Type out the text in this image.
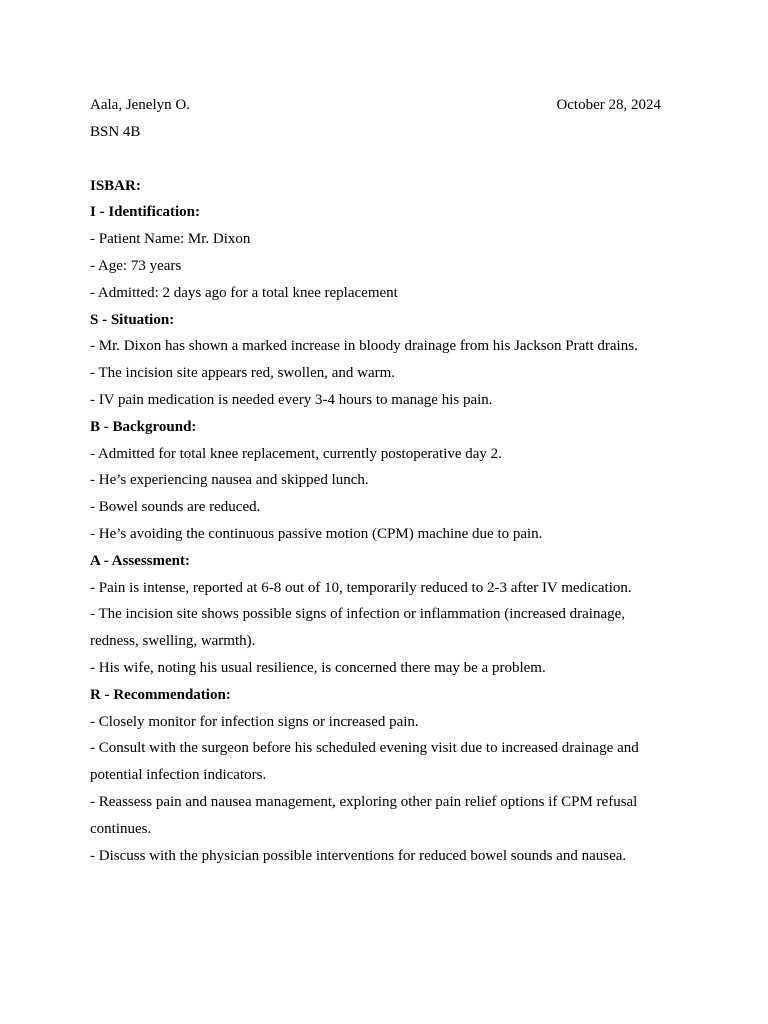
Aala, Jenelyn O.	October 28, 2024

BSN 4B

ISBAR:

I - Identification:

- Patient Name: Mr. Dixon

- Age: 73 years

- Admitted: 2 days ago for a total knee replacement

S - Situation:

- Mr. Dixon has shown a marked increase in bloody drainage from his Jackson Pratt drains.

- The incision site appears red, swollen, and warm.

- IV pain medication is needed every 3-4 hours to manage his pain.

B - Background:

- Admitted for total knee replacement, currently postoperative day 2.

- He’s experiencing nausea and skipped lunch.

- Bowel sounds are reduced.

- He’s avoiding the continuous passive motion (CPM) machine due to pain.

A - Assessment:

- Pain is intense, reported at 6-8 out of 10, temporarily reduced to 2-3 after IV medication.

- The incision site shows possible signs of infection or inflammation (increased drainage, redness, swelling, warmth).

- His wife, noting his usual resilience, is concerned there may be a problem.

R - Recommendation:

- Closely monitor for infection signs or increased pain.

- Consult with the surgeon before his scheduled evening visit due to increased drainage and potential infection indicators.

- Reassess pain and nausea management, exploring other pain relief options if CPM refusal continues.

- Discuss with the physician possible interventions for reduced bowel sounds and nausea.
